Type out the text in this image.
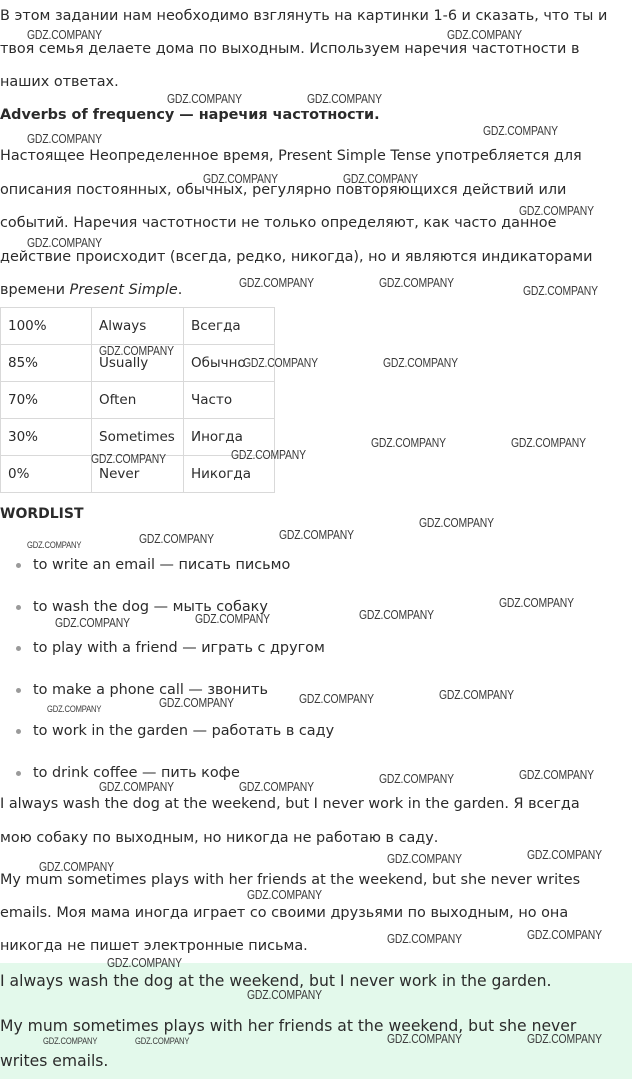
В этом задании нам необходимо взглянуть на картинки 1-6 и сказать, что ты и

твоя семья делаете дома по выходным. Используем наречия частотности в

наших ответах.

Adverbs of frequency — наречия частотности.

Настоящее Неопределенное время, Present Simple Tense употребляется для

описания постоянных, обычных, регулярно повторяющихся действий или

событий. Наречия частотности не только определяют, как часто данное

действие происходит (всегда, редко, никогда), но и являются индикаторами

времени Present Simple.

100%	Always	Всегда
85%	Usually	Обычно
70%	Often	Часто
30%	Sometimes	Иногда
0%	Never	Никогда
WORDLIST
to write an email — писать письмо
to wash the dog — мыть собаку
to play with a friend — играть с другом
to make a phone call — звонить
to work in the garden — работать в саду
to drink coffee — пить кофе

I always wash the dog at the weekend, but I never work in the garden. Я всегда

мою собаку по выходным, но никогда не работаю в саду.

My mum sometimes plays with her friends at the weekend, but she never writes

emails. Моя мама иногда играет со своими друзьями по выходным, но она

никогда не пишет электронные письма.

I always wash the dog at the weekend, but I never work in the garden.

My mum sometimes plays with her friends at the weekend, but she never

writes emails.

GDZ.COMPANY	GDZ.COMPANY
GDZ.COMPANY	GDZ.COMPANY
GDZ.COMPANY
GDZ.COMPANY
GDZ.COMPANY	GDZ.COMPANY
GDZ.COMPANY
GDZ.COMPANY
GDZ.COMPANY	GDZ.COMPANY
GDZ.COMPANY
GDZ.COMPANY
GDZ.COMPANY	GDZ.COMPANY
GDZ.COMPANY	GDZ.COMPANY
GDZ.COMPANY
GDZ.COMPANY
GDZ.COMPANY
GDZ.COMPANY	GDZ.COMPANY
GDZ.COMPANY
GDZ.COMPANY
GDZ.COMPANY
GDZ.COMPANY
GDZ.COMPANY
GDZ.COMPANY
GDZ.COMPANY
GDZ.COMPANY
GDZ.COMPANY
GDZ.COMPANY
GDZ.COMPANY
GDZ.COMPANY
GDZ.COMPANY
GDZ.COMPANY
GDZ.COMPANY
GDZ.COMPANY
GDZ.COMPANY
GDZ.COMPANY
GDZ.COMPANY
GDZ.COMPANY
GDZ.COMPANY
GDZ.COMPANY	GDZ.COMPANY
GDZ.COMPANY	GDZ.COMPANY
